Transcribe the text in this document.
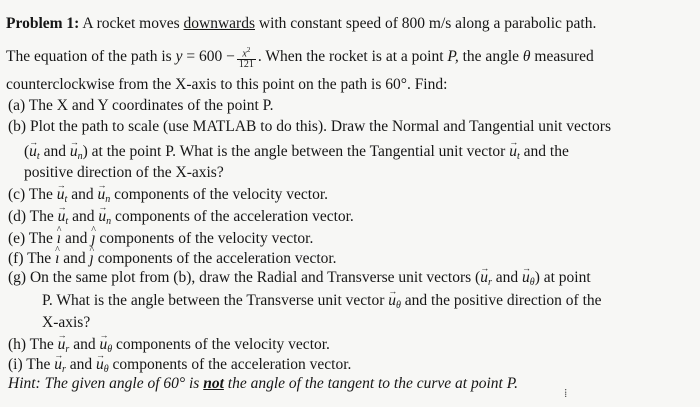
Problem 1: A rocket moves downwards with constant speed of 800 m/s along a parabolic path.
The equation of the path is $y = 600 - \frac{x^2}{121}$ . When the rocket is at a point P, the angle θ measured
counterclockwise from the X-axis to this point on the path is 60°. Find:
(a) The X and Y coordinates of the point P.
(b) Plot the path to scale (use MATLAB to do this). Draw the Normal and Tangential unit vectors
(→ $u_t$ and → $u_n$) at the point P. What is the angle between the Tangential unit vector → $u_t$ and the
positive direction of the X-axis?
(c) The → $u_t$ and → $u_n$ components of the velocity vector.
(d) The → $u_t$ and → $u_n$ components of the acceleration vector.
(e) The ^ ı and ^ ȷ components of the velocity vector.
(f) The ^ ı and ^ ȷ components of the acceleration vector.
(g) On the same plot from (b), draw the Radial and Transverse unit vectors (→ $u_r$ and → $u_\theta$) at point
P. What is the angle between the Transverse unit vector → $u_\theta$ and the positive direction of the
X-axis?
(h) The → $u_r$ and → $u_\theta$ components of the velocity vector.
(i) The → $u_r$ and → $u_\theta$ components of the acceleration vector.
Hint: The given angle of 60° is not the angle of the tangent to the curve at point P.
⁞
